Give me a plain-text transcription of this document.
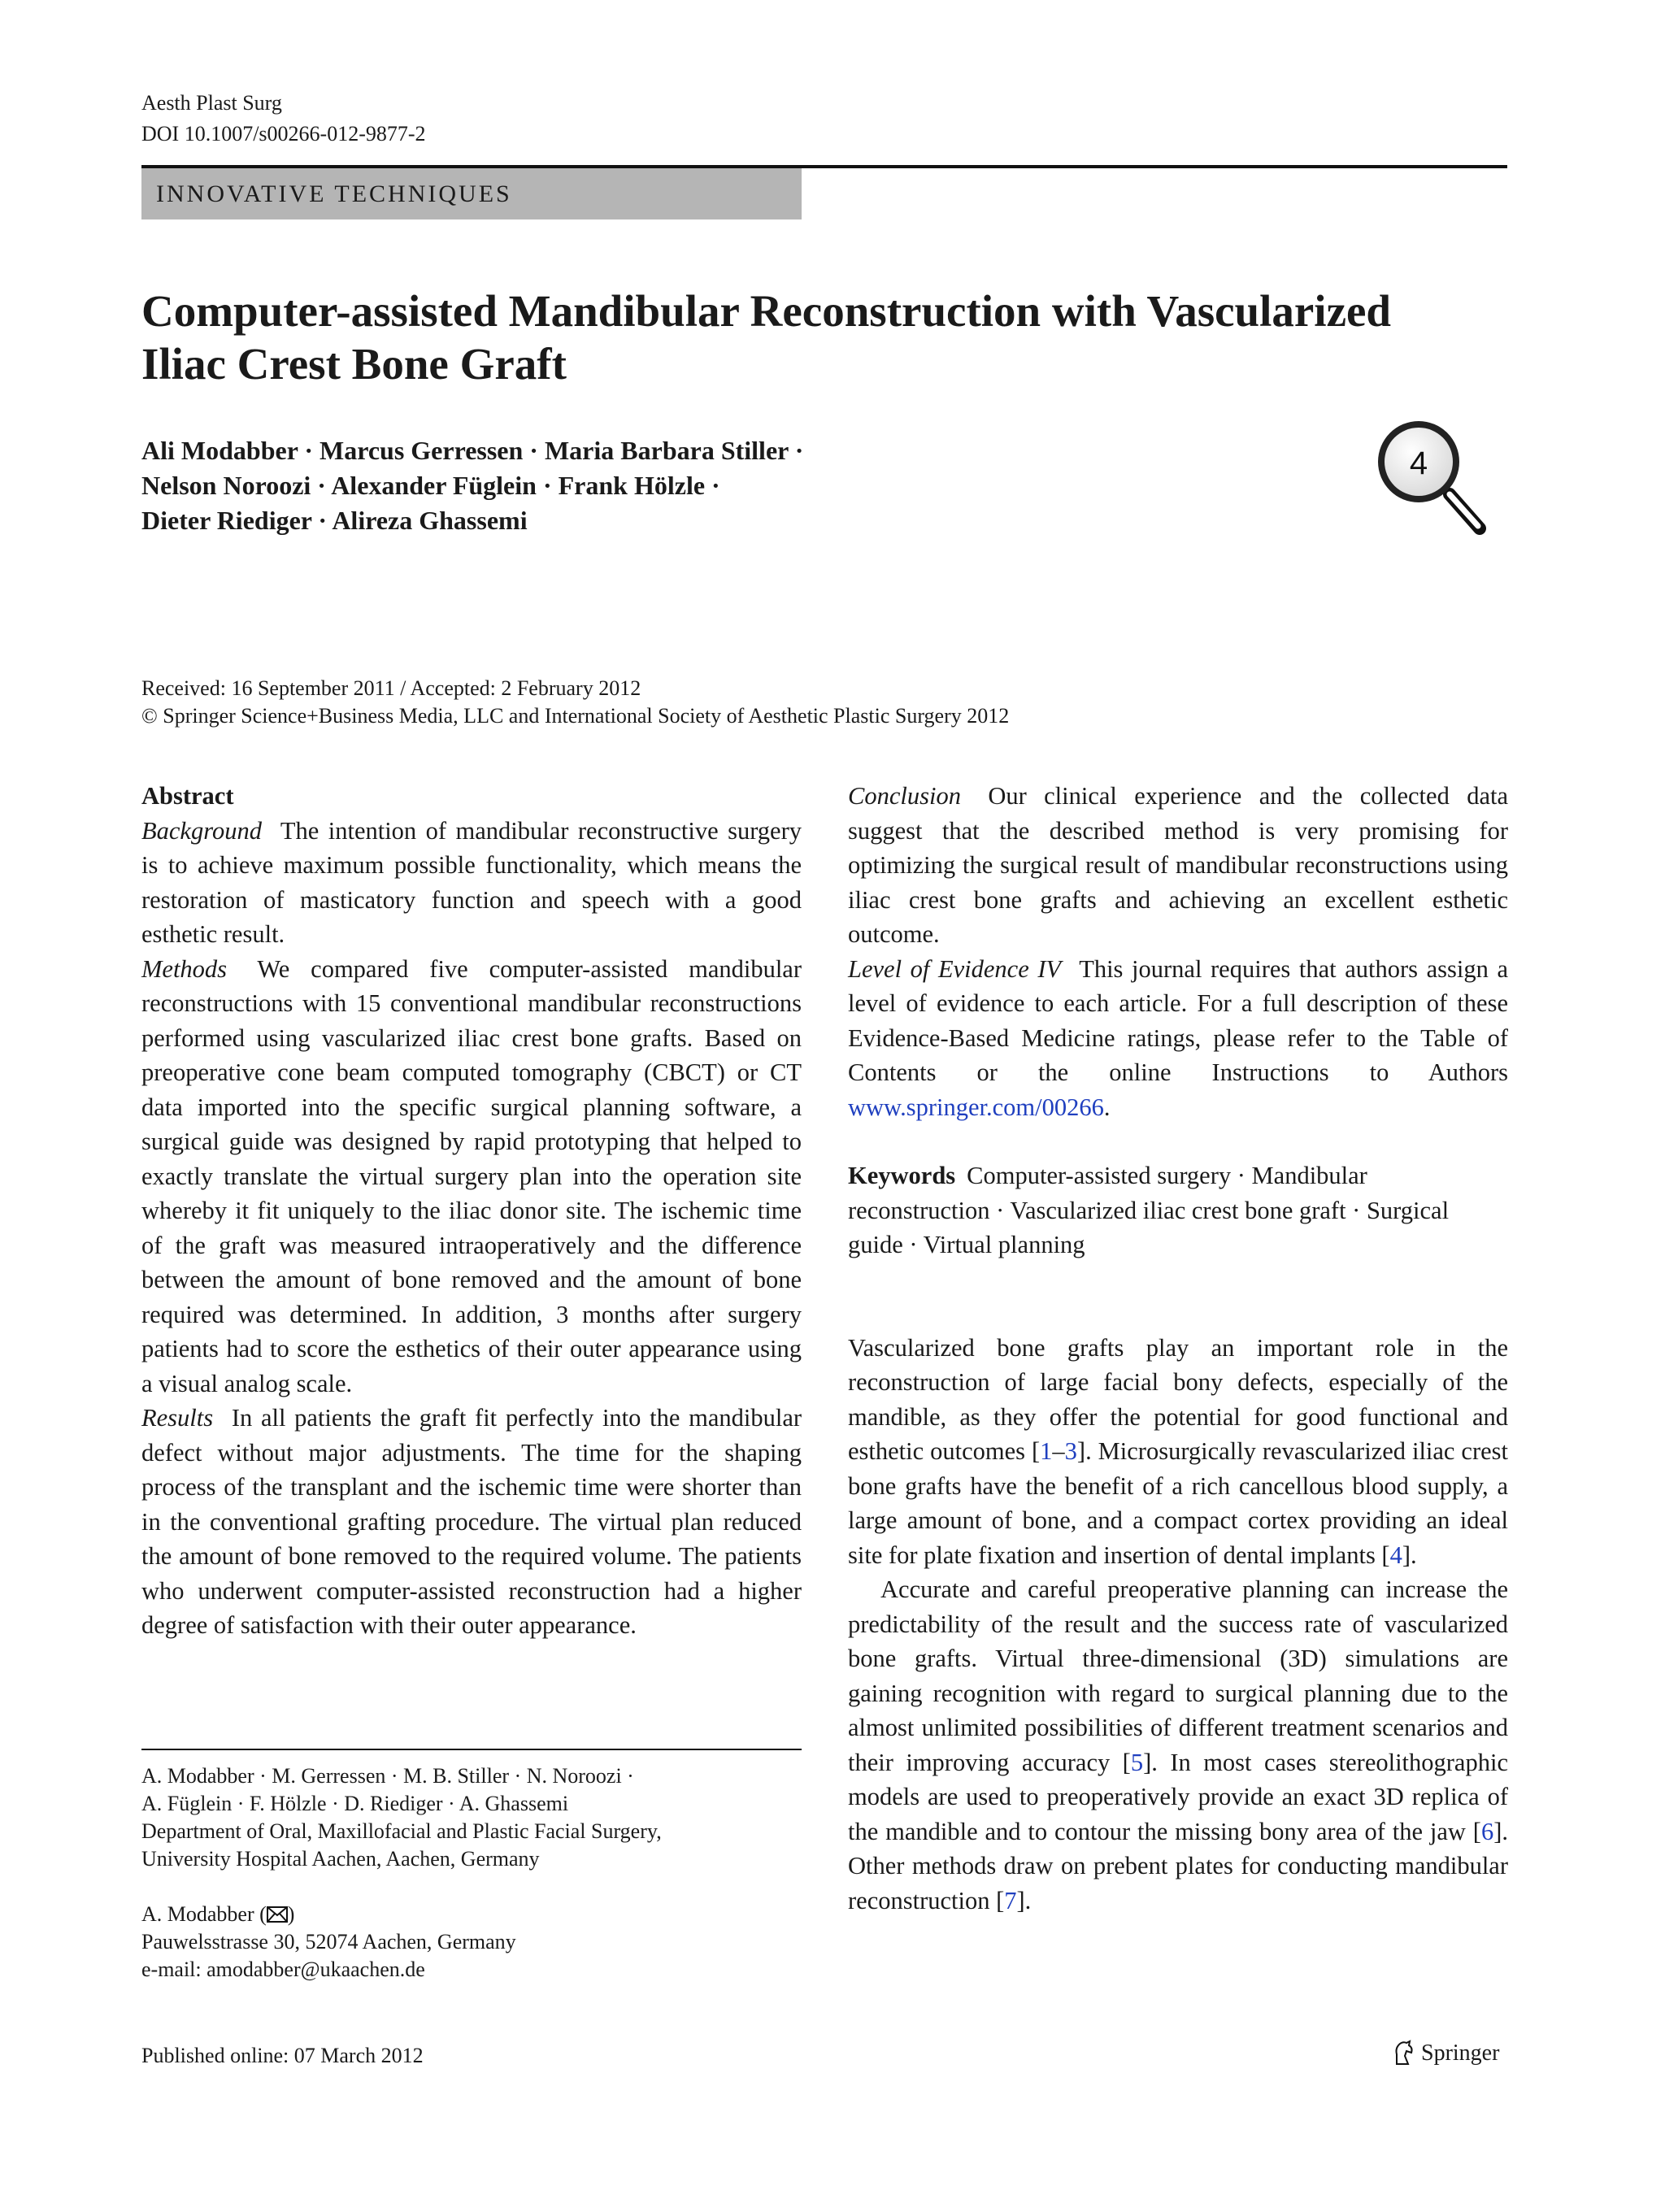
Aesth Plast Surg
DOI 10.1007/s00266-012-9877-2
INNOVATIVE TECHNIQUES
Computer-assisted Mandibular Reconstruction with Vascularized
Iliac Crest Bone Graft
Ali Modabber · Marcus Gerressen · Maria Barbara Stiller ·
Nelson Noroozi · Alexander Füglein · Frank Hölzle ·
Dieter Riediger · Alireza Ghassemi
4
Received: 16 September 2011 / Accepted: 2 February 2012
© Springer Science+Business Media, LLC and International Society of Aesthetic Plastic Surgery 2012

Abstract

Background The intention of mandibular reconstructive surgery is to achieve maximum possible functionality, which means the restoration of masticatory function and speech with a good esthetic result.

Methods We compared five computer-assisted mandibular reconstructions with 15 conventional mandibular reconstructions performed using vascularized iliac crest bone grafts. Based on preoperative cone beam computed tomography (CBCT) or CT data imported into the specific surgical planning software, a surgical guide was designed by rapid prototyping that helped to exactly translate the virtual surgery plan into the operation site whereby it fit uniquely to the iliac donor site. The ischemic time of the graft was measured intraoperatively and the difference between the amount of bone removed and the amount of bone required was determined. In addition, 3 months after surgery patients had to score the esthetics of their outer appearance using a visual analog scale.

Results In all patients the graft fit perfectly into the mandibular defect without major adjustments. The time for the shaping process of the transplant and the ischemic time were shorter than in the conventional grafting procedure. The virtual plan reduced the amount of bone removed to the required volume. The patients who underwent computer-assisted reconstruction had a higher degree of satisfaction with their outer appearance.

Conclusion Our clinical experience and the collected data suggest that the described method is very promising for optimizing the surgical result of mandibular reconstructions using iliac crest bone grafts and achieving an excellent esthetic outcome.

Level of Evidence IV This journal requires that authors assign a level of evidence to each article. For a full description of these Evidence-Based Medicine ratings, please refer to the Table of Contents or the online Instructions to Authors www.springer.com/00266.

Keywords Computer-assisted surgery · Mandibular reconstruction · Vascularized iliac crest bone graft · Surgical guide · Virtual planning

Vascularized bone grafts play an important role in the reconstruction of large facial bony defects, especially of the mandible, as they offer the potential for good functional and esthetic outcomes [1–3]. Microsurgically revascularized iliac crest bone grafts have the benefit of a rich cancellous blood supply, a large amount of bone, and a compact cortex providing an ideal site for plate fixation and insertion of dental implants [4].

Accurate and careful preoperative planning can increase the predictability of the result and the success rate of vascularized bone grafts. Virtual three-dimensional (3D) simulations are gaining recognition with regard to surgical planning due to the almost unlimited possibilities of different treatment scenarios and their improving accuracy [5]. In most cases stereolithographic models are used to preoperatively provide an exact 3D replica of the mandible and to contour the missing bony area of the jaw [6]. Other methods draw on prebent plates for conducting mandibular reconstruction [7].

A. Modabber · M. Gerressen · M. B. Stiller · N. Noroozi ·
A. Füglein · F. Hölzle · D. Riediger · A. Ghassemi
Department of Oral, Maxillofacial and Plastic Facial Surgery,
University Hospital Aachen, Aachen, Germany
A. Modabber ( )
Pauwelsstrasse 30, 52074 Aachen, Germany
e-mail: amodabber@ukaachen.de
Published online: 07 March 2012	Springer
